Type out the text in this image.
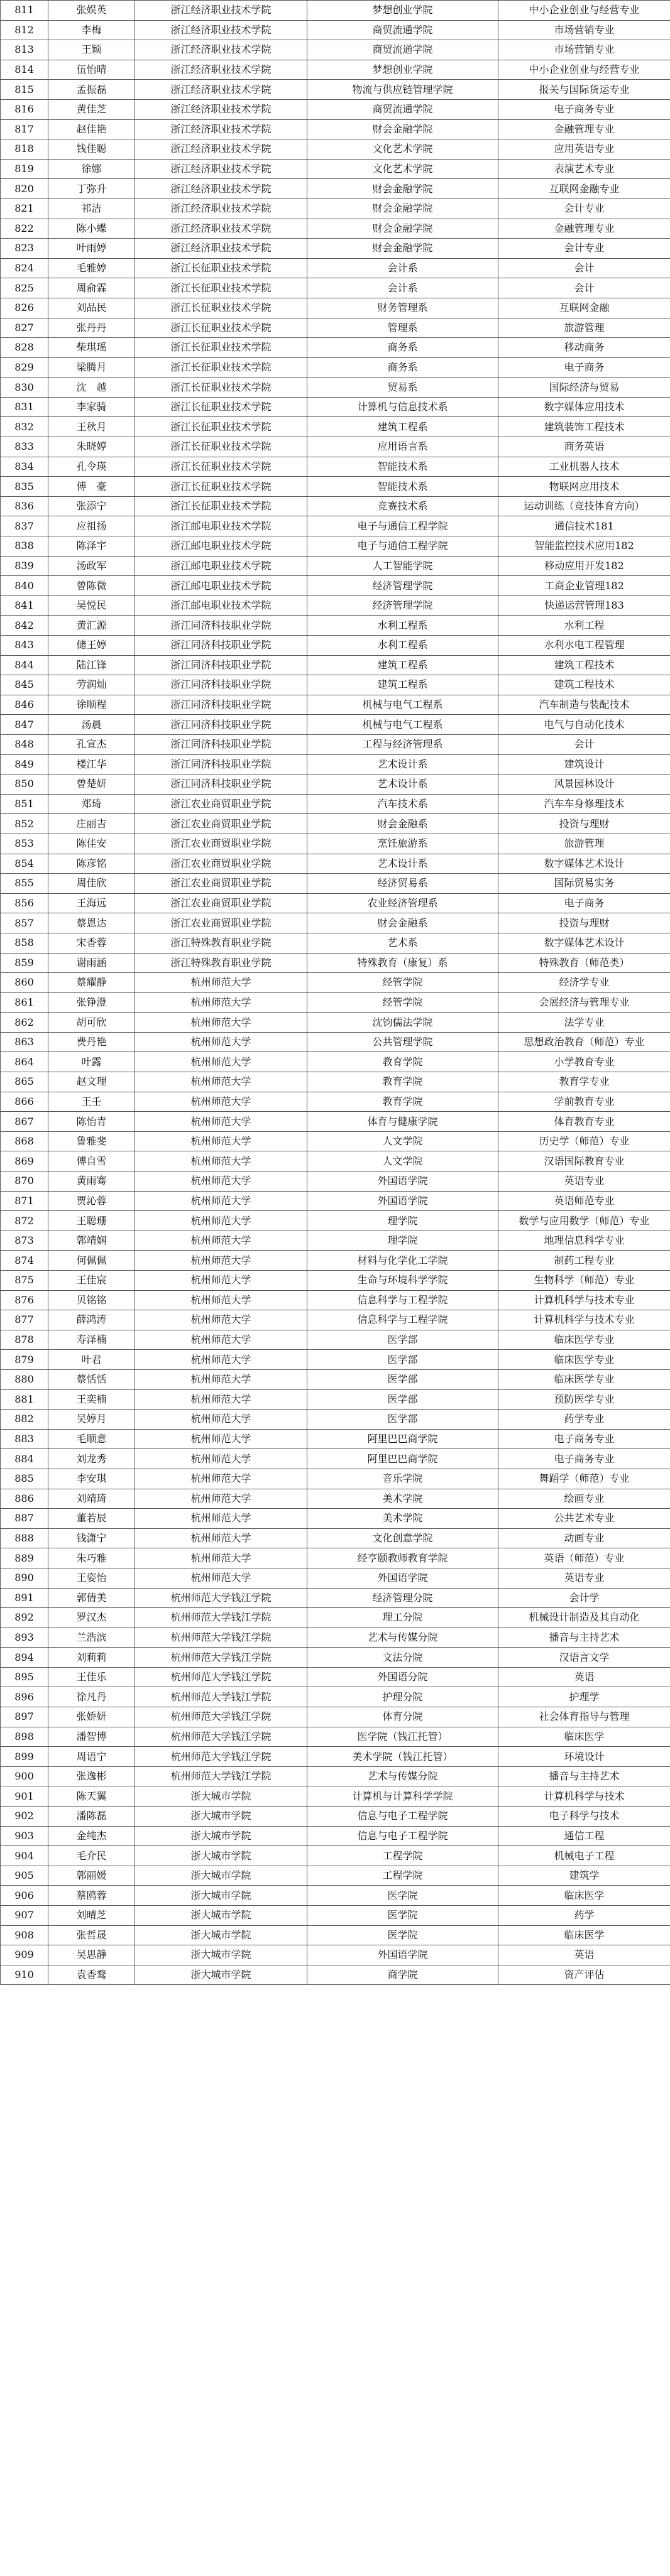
811	张娱英	浙江经济职业技术学院	梦想创业学院	中小企业创业与经营专业
812	李梅	浙江经济职业技术学院	商贸流通学院	市场营销专业
813	王颖	浙江经济职业技术学院	商贸流通学院	市场营销专业
814	伍怡晴	浙江经济职业技术学院	梦想创业学院	中小企业创业与经营专业
815	孟振磊	浙江经济职业技术学院	物流与供应链管理学院	报关与国际货运专业
816	黄佳芝	浙江经济职业技术学院	商贸流通学院	电子商务专业
817	赵佳艳	浙江经济职业技术学院	财会金融学院	金融管理专业
818	钱佳聪	浙江经济职业技术学院	文化艺术学院	应用英语专业
819	徐娜	浙江经济职业技术学院	文化艺术学院	表演艺术专业
820	丁弥升	浙江经济职业技术学院	财会金融学院	互联网金融专业
821	祁洁	浙江经济职业技术学院	财会金融学院	会计专业
822	陈小蝶	浙江经济职业技术学院	财会金融学院	金融管理专业
823	叶雨婷	浙江经济职业技术学院	财会金融学院	会计专业
824	毛雅婷	浙江长征职业技术学院	会计系	会计
825	周俞霖	浙江长征职业技术学院	会计系	会计
826	刘品民	浙江长征职业技术学院	财务管理系	互联网金融
827	张丹丹	浙江长征职业技术学院	管理系	旅游管理
828	柴琪瑶	浙江长征职业技术学院	商务系	移动商务
829	梁腾月	浙江长征职业技术学院	商务系	电子商务
830	沈　越	浙江长征职业技术学院	贸易系	国际经济与贸易
831	李家骑	浙江长征职业技术学院	计算机与信息技术系	数字媒体应用技术
832	王秋月	浙江长征职业技术学院	建筑工程系	建筑装饰工程技术
833	朱晓婷	浙江长征职业技术学院	应用语言系	商务英语
834	孔令瑛	浙江长征职业技术学院	智能技术系	工业机器人技术
835	傅　豪	浙江长征职业技术学院	智能技术系	物联网应用技术
836	张添宁	浙江长征职业技术学院	竞赛技术系	运动训练（竞技体育方向）
837	应祖扬	浙江邮电职业技术学院	电子与通信工程学院	通信技术181
838	陈泽宇	浙江邮电职业技术学院	电子与通信工程学院	智能监控技术应用182
839	汤政军	浙江邮电职业技术学院	人工智能学院	移动应用开发182
840	曾陈微	浙江邮电职业技术学院	经济管理学院	工商企业管理182
841	吴悦民	浙江邮电职业技术学院	经济管理学院	快递运营管理183
842	黄汇源	浙江同济科技职业学院	水利工程系	水利工程
843	储王婷	浙江同济科技职业学院	水利工程系	水利水电工程管理
844	陆江锋	浙江同济科技职业学院	建筑工程系	建筑工程技术
845	劳润灿	浙江同济科技职业学院	建筑工程系	建筑工程技术
846	徐顺程	浙江同济科技职业学院	机械与电气工程系	汽车制造与装配技术
847	汤晨	浙江同济科技职业学院	机械与电气工程系	电气与自动化技术
848	孔宣杰	浙江同济科技职业学院	工程与经济管理系	会计
849	楼江华	浙江同济科技职业学院	艺术设计系	建筑设计
850	曾楚妍	浙江同济科技职业学院	艺术设计系	风景园林设计
851	郑琦	浙江农业商贸职业学院	汽车技术系	汽车车身修理技术
852	庄丽吉	浙江农业商贸职业学院	财会金融系	投资与理财
853	陈佳安	浙江农业商贸职业学院	烹饪旅游系	旅游管理
854	陈彦铭	浙江农业商贸职业学院	艺术设计系	数字媒体艺术设计
855	周佳欣	浙江农业商贸职业学院	经济贸易系	国际贸易实务
856	王海远	浙江农业商贸职业学院	农业经济管理系	电子商务
857	蔡恩达	浙江农业商贸职业学院	财会金融系	投资与理财
858	宋香蓉	浙江特殊教育职业学院	艺术系	数字媒体艺术设计
859	谢雨涵	浙江特殊教育职业学院	特殊教育（康复）系	特殊教育（师范类）
860	蔡耀静	杭州师范大学	经管学院	经济学专业
861	张铮澄	杭州师范大学	经管学院	会展经济与管理专业
862	胡可欣	杭州师范大学	沈钧儒法学院	法学专业
863	费丹艳	杭州师范大学	公共管理学院	思想政治教育（师范）专业
864	叶露	杭州师范大学	教育学院	小学教育专业
865	赵文理	杭州师范大学	教育学院	教育学专业
866	王壬	杭州师范大学	教育学院	学前教育专业
867	陈怡青	杭州师范大学	体育与健康学院	体育教育专业
868	鲁雅斐	杭州师范大学	人文学院	历史学（师范）专业
869	傅自雪	杭州师范大学	人文学院	汉语国际教育专业
870	黄雨骞	杭州师范大学	外国语学院	英语专业
871	贾沁蓉	杭州师范大学	外国语学院	英语师范专业
872	王聪珊	杭州师范大学	理学院	数学与应用数学（师范）专业
873	郭靖娴	杭州师范大学	理学院	地理信息科学专业
874	何佩佩	杭州师范大学	材料与化学化工学院	制药工程专业
875	王佳宸	杭州师范大学	生命与环境科学学院	生物科学（师范）专业
876	贝铭铭	杭州师范大学	信息科学与工程学院	计算机科学与技术专业
877	薛鸿涛	杭州师范大学	信息科学与工程学院	计算机科学与技术专业
878	寿泽楠	杭州师范大学	医学部	临床医学专业
879	叶君	杭州师范大学	医学部	临床医学专业
880	蔡恬恬	杭州师范大学	医学部	临床医学专业
881	王奕楠	杭州师范大学	医学部	预防医学专业
882	吴婷月	杭州师范大学	医学部	药学专业
883	毛顺意	杭州师范大学	阿里巴巴商学院	电子商务专业
884	刘龙秀	杭州师范大学	阿里巴巴商学院	电子商务专业
885	李安琪	杭州师范大学	音乐学院	舞蹈学（师范）专业
886	刘靖琦	杭州师范大学	美术学院	绘画专业
887	董若辰	杭州师范大学	美术学院	公共艺术专业
888	钱潇宁	杭州师范大学	文化创意学院	动画专业
889	朱巧雅	杭州师范大学	经亨颐教师教育学院	英语（师范）专业
890	王姿怡	杭州师范大学	外国语学院	英语专业
891	郭倩美	杭州师范大学钱江学院	经济管理分院	会计学
892	罗汉杰	杭州师范大学钱江学院	理工分院	机械设计制造及其自动化
893	兰浩滨	杭州师范大学钱江学院	艺术与传媒分院	播音与主持艺术
894	刘莉莉	杭州师范大学钱江学院	文法分院	汉语言文学
895	王佳乐	杭州师范大学钱江学院	外国语分院	英语
896	徐凡丹	杭州师范大学钱江学院	护理分院	护理学
897	张娇妍	杭州师范大学钱江学院	体育分院	社会体育指导与管理
898	潘智博	杭州师范大学钱江学院	医学院（钱江托管）	临床医学
899	周语宁	杭州师范大学钱江学院	美术学院（钱江托管）	环境设计
900	张逸彬	杭州师范大学钱江学院	艺术与传媒分院	播音与主持艺术
901	陈天翼	浙大城市学院	计算机与计算科学学院	计算机科学与技术
902	潘陈磊	浙大城市学院	信息与电子工程学院	电子科学与技术
903	金纯杰	浙大城市学院	信息与电子工程学院	通信工程
904	毛介民	浙大城市学院	工程学院	机械电子工程
905	郭丽媛	浙大城市学院	工程学院	建筑学
906	蔡鸥蓉	浙大城市学院	医学院	临床医学
907	刘晴芝	浙大城市学院	医学院	药学
908	张哲晟	浙大城市学院	医学院	临床医学
909	吴思静	浙大城市学院	外国语学院	英语
910	袁香鹜	浙大城市学院	商学院	资产评估
